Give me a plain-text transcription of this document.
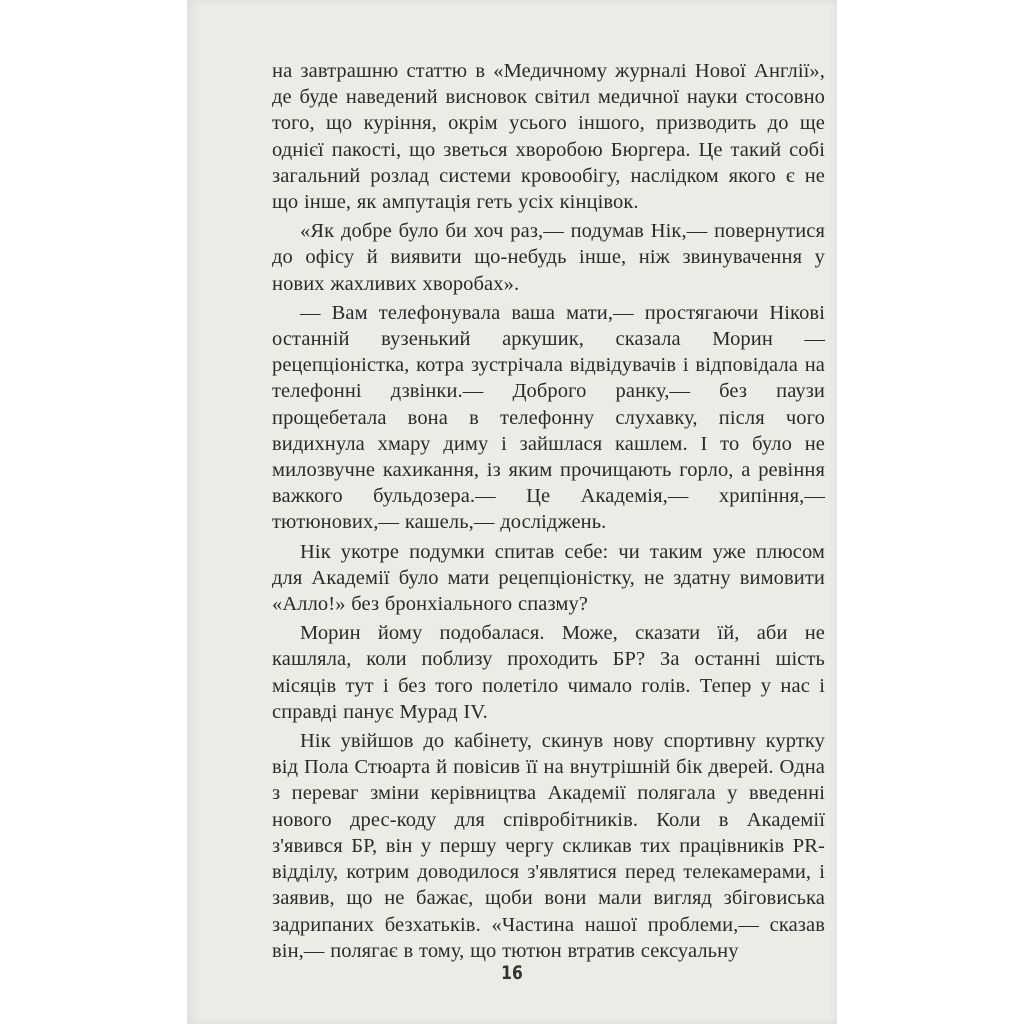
на завтрашню статтю в «Медичному журналі Нової Англії», де буде наведений висновок світил медичної науки стосовно того, що куріння, окрім усього іншого, призводить до ще однієї пакості, що зветься хворобою Бюргера. Це такий собі загальний розлад системи кровообігу, наслідком якого є не що інше, як ампутація геть усіх кінцівок.

«Як добре було би хоч раз,— подумав Нік,— повернутися до офісу й виявити що-небудь інше, ніж звинувачення у нових жахливих хворобах».

— Вам телефонувала ваша мати,— простягаючи Нікові останній вузенький аркушик, сказала Морин — рецепціоністка, котра зустрічала відвідувачів і відповідала на телефонні дзвінки.— Доброго ранку,— без паузи прощебетала вона в телефонну слухавку, після чого видихнула хмару диму і зайшлася кашлем. І то було не милозвучне кахикання, із яким прочищають горло, а ревіння важкого бульдозера.— Це Академія,— хрипіння,— тютюнових,— кашель,— досліджень.

Нік укотре подумки спитав себе: чи таким уже плюсом для Академії було мати рецепціоністку, не здатну вимовити «Алло!» без бронхіального спазму?

Морин йому подобалася. Може, сказати їй, аби не кашляла, коли поблизу проходить БР? За останні шість місяців тут і без того полетіло чимало голів. Тепер у нас і справді панує Мурад IV.

Нік увійшов до кабінету, скинув нову спортивну куртку від Пола Стюарта й повісив її на внутрішній бік дверей. Одна з переваг зміни керівництва Академії полягала у введенні нового дрес-коду для співробітників. Коли в Академії з'явився БР, він у першу чергу скликав тих працівників PR-відділу, котрим доводилося з'являтися перед телекамерами, і заявив, що не бажає, щоби вони мали вигляд збіговиська задрипаних безхатьків. «Частина нашої проблеми,— сказав він,— полягає в тому, що тютюн втратив сексуальну

16
